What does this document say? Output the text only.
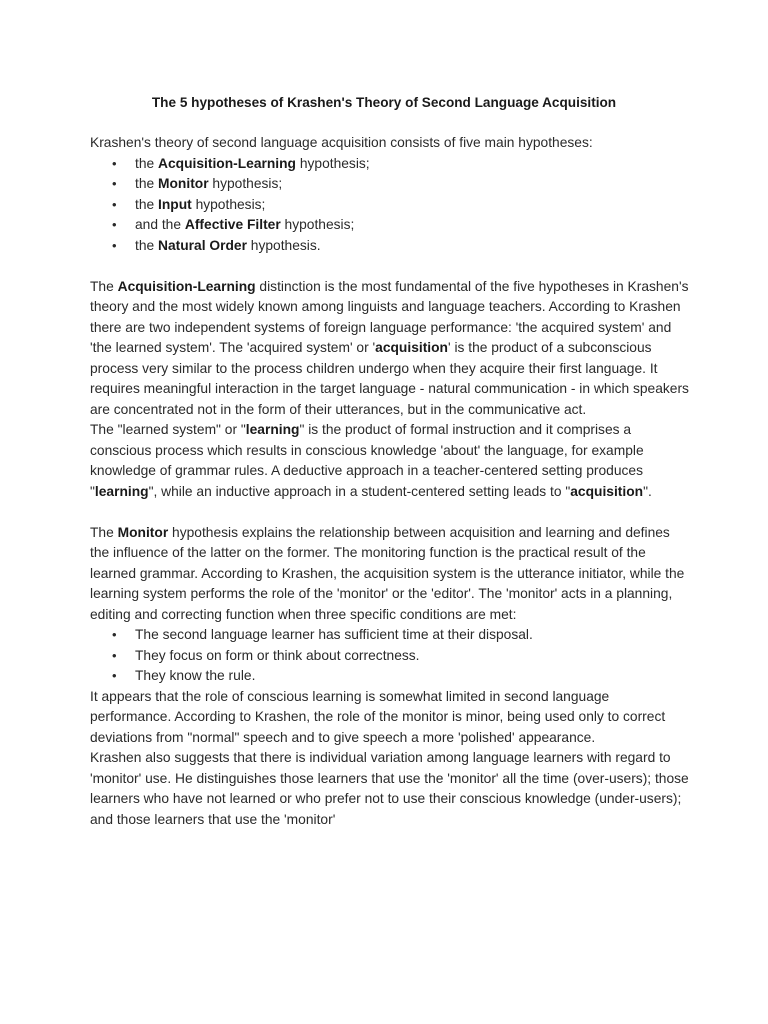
The 5 hypotheses of Krashen's Theory of Second Language Acquisition

Krashen's theory of second language acquisition consists of five main hypotheses:

• the Acquisition-Learning hypothesis;
• the Monitor hypothesis;
• the Input hypothesis;
• and the Affective Filter hypothesis;
• the Natural Order hypothesis.

The Acquisition-Learning distinction is the most fundamental of the five hypotheses in Krashen's theory and the most widely known among linguists and language teachers. According to Krashen there are two independent systems of foreign language performance: 'the acquired system' and 'the learned system'. The 'acquired system' or 'acquisition' is the product of a subconscious process very similar to the process children undergo when they acquire their first language. It requires meaningful interaction in the target language - natural communication - in which speakers are concentrated not in the form of their utterances, but in the communicative act.

The "learned system" or "learning" is the product of formal instruction and it comprises a conscious process which results in conscious knowledge 'about' the language, for example knowledge of grammar rules. A deductive approach in a teacher-centered setting produces "learning", while an inductive approach in a student-centered setting leads to "acquisition".

The Monitor hypothesis explains the relationship between acquisition and learning and defines the influence of the latter on the former. The monitoring function is the practical result of the learned grammar. According to Krashen, the acquisition system is the utterance initiator, while the learning system performs the role of the 'monitor' or the 'editor'. The 'monitor' acts in a planning, editing and correcting function when three specific conditions are met:

• The second language learner has sufficient time at their disposal.
• They focus on form or think about correctness.
• They know the rule.

It appears that the role of conscious learning is somewhat limited in second language performance. According to Krashen, the role of the monitor is minor, being used only to correct deviations from "normal" speech and to give speech a more 'polished' appearance.

Krashen also suggests that there is individual variation among language learners with regard to 'monitor' use. He distinguishes those learners that use the 'monitor' all the time (over-users); those learners who have not learned or who prefer not to use their conscious knowledge (under-users); and those learners that use the 'monitor'
